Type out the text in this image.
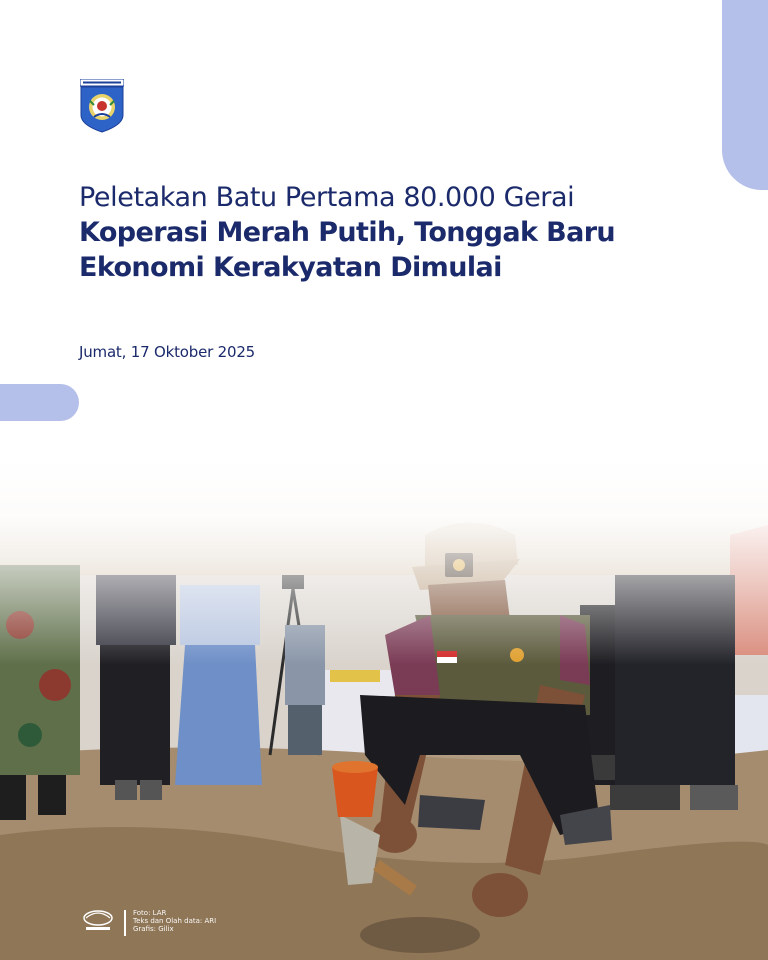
Peletakan Batu Pertama 80.000 Gerai
Koperasi Merah Putih, Tonggak Baru
Ekonomi Kerakyatan Dimulai
Jumat, 17 Oktober 2025
Foto: LAR
Teks dan Olah data: ARI
Grafis: Gilix
